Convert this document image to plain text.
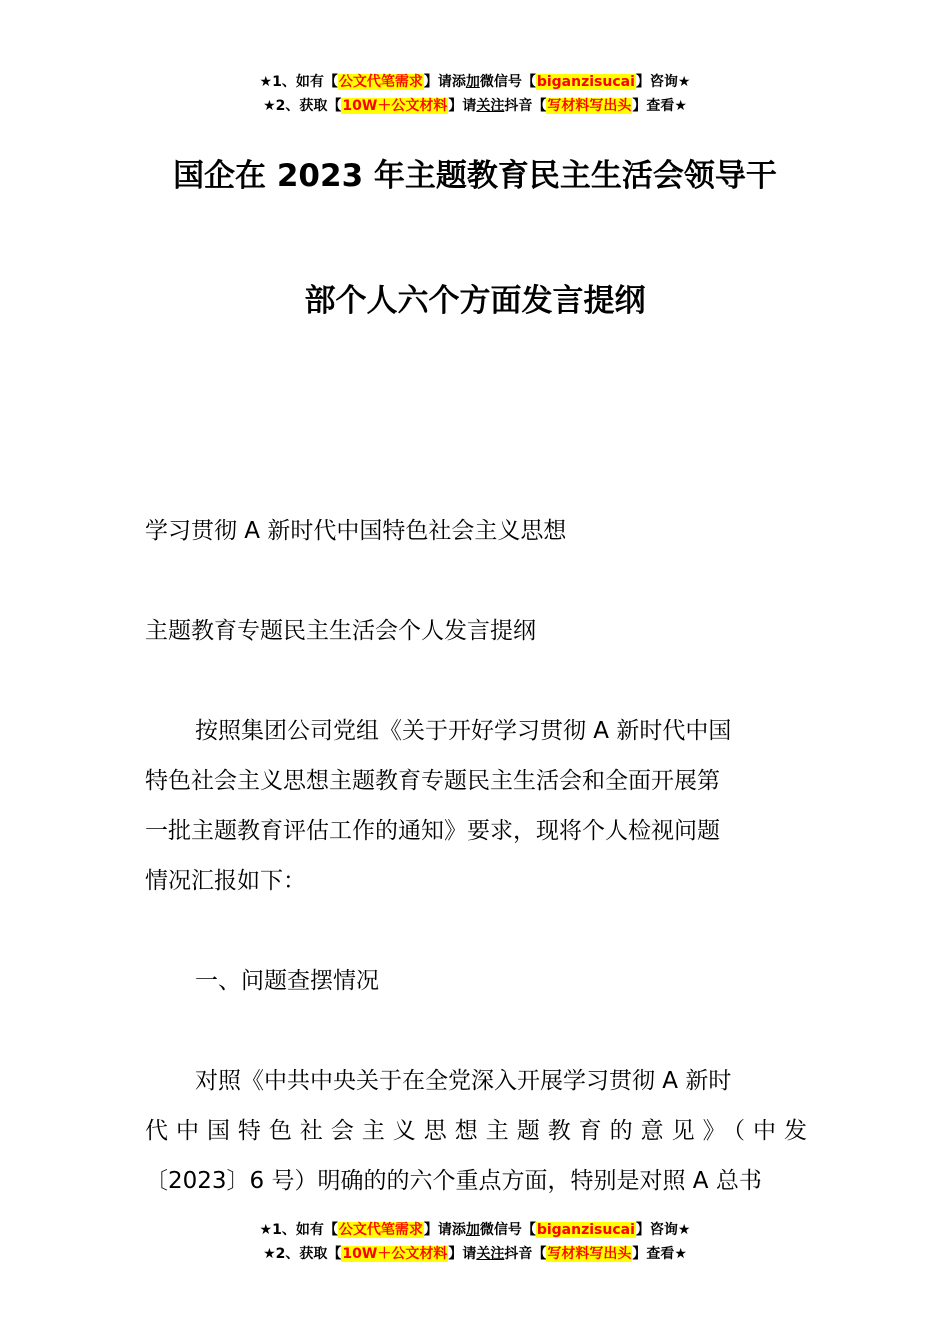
★1、如有【公文代笔需求】请添加微信号【biganzisucai】咨询★
★2、获取【10W＋公文材料】请关注抖音【写材料写出头】查看★
国企在 2023 年主题教育民主生活会领导干
部个人六个方面发言提纲
学习贯彻 A 新时代中国特色社会主义思想
主题教育专题民主生活会个人发言提纲
按照集团公司党组《关于开好学习贯彻 A 新时代中国
特色社会主义思想主题教育专题民主生活会和全面开展第
一批主题教育评估工作的通知》要求，现将个人检视问题
情况汇报如下：
一、问题查摆情况
对照《中共中央关于在全党深入开展学习贯彻 A 新时
代中国特色社会主义思想主题教育的意见》（中发
〔2023〕6 号）明确的的六个重点方面，特别是对照 A 总书
★1、如有【公文代笔需求】请添加微信号【biganzisucai】咨询★
★2、获取【10W＋公文材料】请关注抖音【写材料写出头】查看★
